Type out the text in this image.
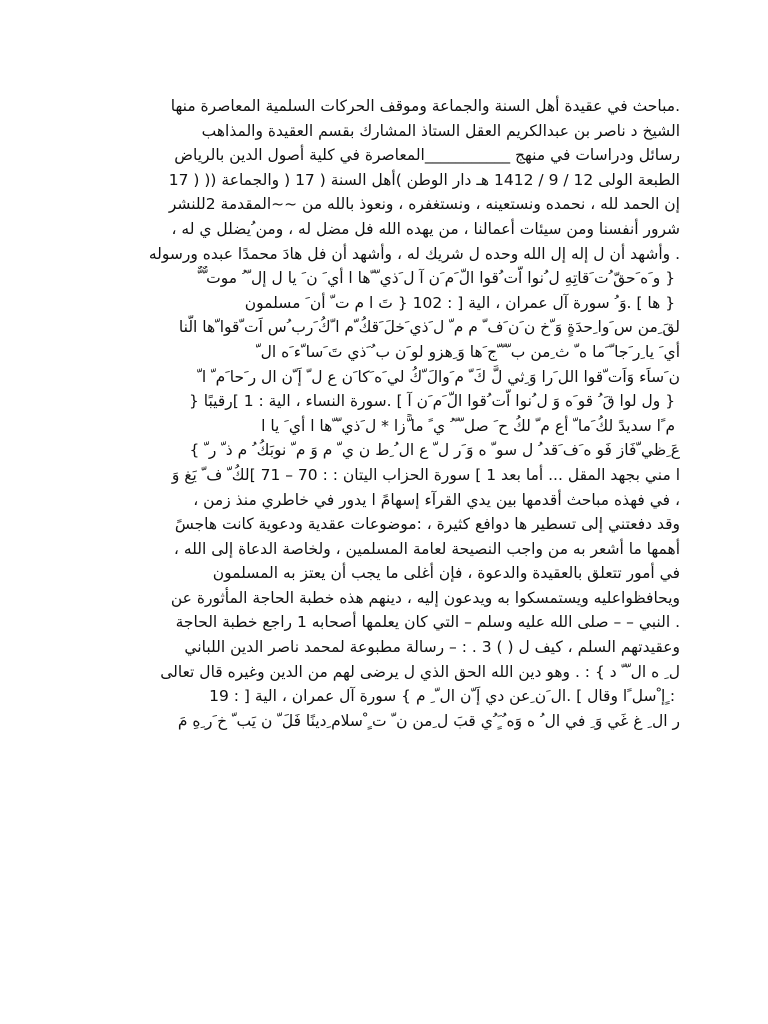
.مباحث في عقيدة أهل السنة والجماعة وموقف الحركات السلمية المعاصرة منها
الشيخ د ناصر بن عبدالكريم العقل الستاذ المشارك بقسم العقيدة والمذاهب
رسائل ودراسات في منهج ___________المعاصرة في كلية أصول الدين بالرياض
الطبعة الولى 12 / 9 / 1412 هـ دار الوطن )أهل السنة ( 17 ( والجماعة (( ( 17
إن الحمد لله ، نحمده ونستعينه ، ونستغفره ، ونعوذ بالله من ~~المقدمة 2للنشر
شرور أنفسنا ومن سيئات أعمالنا ، من يهده الله فل مضل له ، ومن ُيضلل ي له ،
. وأشهد أن ل إله إل الله وحده ل شريك له ، وأشهد أن فل هادَ محمدًا عبده ورسوله
ٍَ { و َه َحقّ ُت َقاتِهِ ل ُنوا اّت ُقوا الّ َم َن آ ل َذي ّ ّها ا أي َ ن َ يا ل إل ّ ُ موت ٌّ ٌّ
ٍَّ { ها ] .وَ ُ سورة آل عمران ، الية [ : 102 { تَ ا م ت ّ أن َ مسلمون
لقَ ِمن س َوا ِحدَةٍ وَ ّخ ن َن َف ّ م م ّ ل َذي َخلَ َقكُ ّم ا ّكُ َرب ُس اَت ّقوا ّها الّنا
أي َ يا ِر َجا ّ َما ه ّ ث ِمن ب ّ ّ ّج َها وَ ِهزو لو َن ب ُ َذي تَ َسا ّء َه ال ّ
ن َساَء وَاَت ّقوا الل َرا وَ ِثي لًّ كَ ّ م َوالَ ّكُ لي َه َكا َن ع ل ّ إَ ّن ال ر َحا َم ّ ا ّ
ٍَ { ول لوا قَ ُ قو َه وَ ل ُنوا اّت ُقوا الّ َم َن آ ] .سورة النساء ، الية : 1 ]رقيبًا {
ٍَ م ًا سديدً لكُ َما ّ أع م ّ لكُ ح َ صل ّ ّ ُ ي ً ما ًّزا * ل َذي ّ ّها ا أي َ يا ا
عَ ِظي ّفَاز فَو ه َف َقد ُ ل سو ّ ه وَ َر ل ّ ع ال ُ ِط ن ي ّ م وَ م ّ نوبَكُ ُ م ذ ّ ر ّ }
ا مني بجهد المقل ... أما بعد 1 ] سورة الحزاب اليتان : : 70 – 71 ]لكُ ّ ف ّ يَغ وَ
، في فهذه مباحث أقدمها بين يدي القرآء إسهامً ا يدور في خاطري منذ زمن ،
وقد دفعتني إلى تسطير ها دوافع كثيرة ، :موضوعات عقدية ودعوية كانت هاجسً
أهمها ما أشعر به من واجب النصيحة لعامة المسلمين ، ولخاصة الدعاة إلى الله ،
في أمور تتعلق بالعقيدة والدعوة ، فإن أغلى ما يجب أن يعتز به المسلمون
ويحافظواعليه ويستمسكوا به ويدعون إليه ، دينهم هذه خطبة الحاجة المأثورة عن
. النبي – – صلى الله عليه وسلم – التي كان يعلمها أصحابه 1 راجع خطبة الحاجة
وعقيدتهم السلم ، كيف ل ( ) 3 . : – رسالة مطبوعة لمحمد ناصر الدين اللباني
ل ِ ه ال ّ ّ د } : . وهو دين الله الحق الذي ل يرضى لهم من الدين وغيره قال تعالى
ٍَ : ٍإ ْسل ًا وقال ] .ال َن ِعن دي إَ ّن ال ّ ِ م } سورة آل عمران ، الية [ : 19
ر ال ِ غ غَي وَ ِ في ال ُ ه وَه ُ ٍَ ُي قبَ ل ِمن ن ّ ت ٍ ْسلام ِدينًا فَلَ ّ ن يَب ّ خ َر ِهِ مَ
